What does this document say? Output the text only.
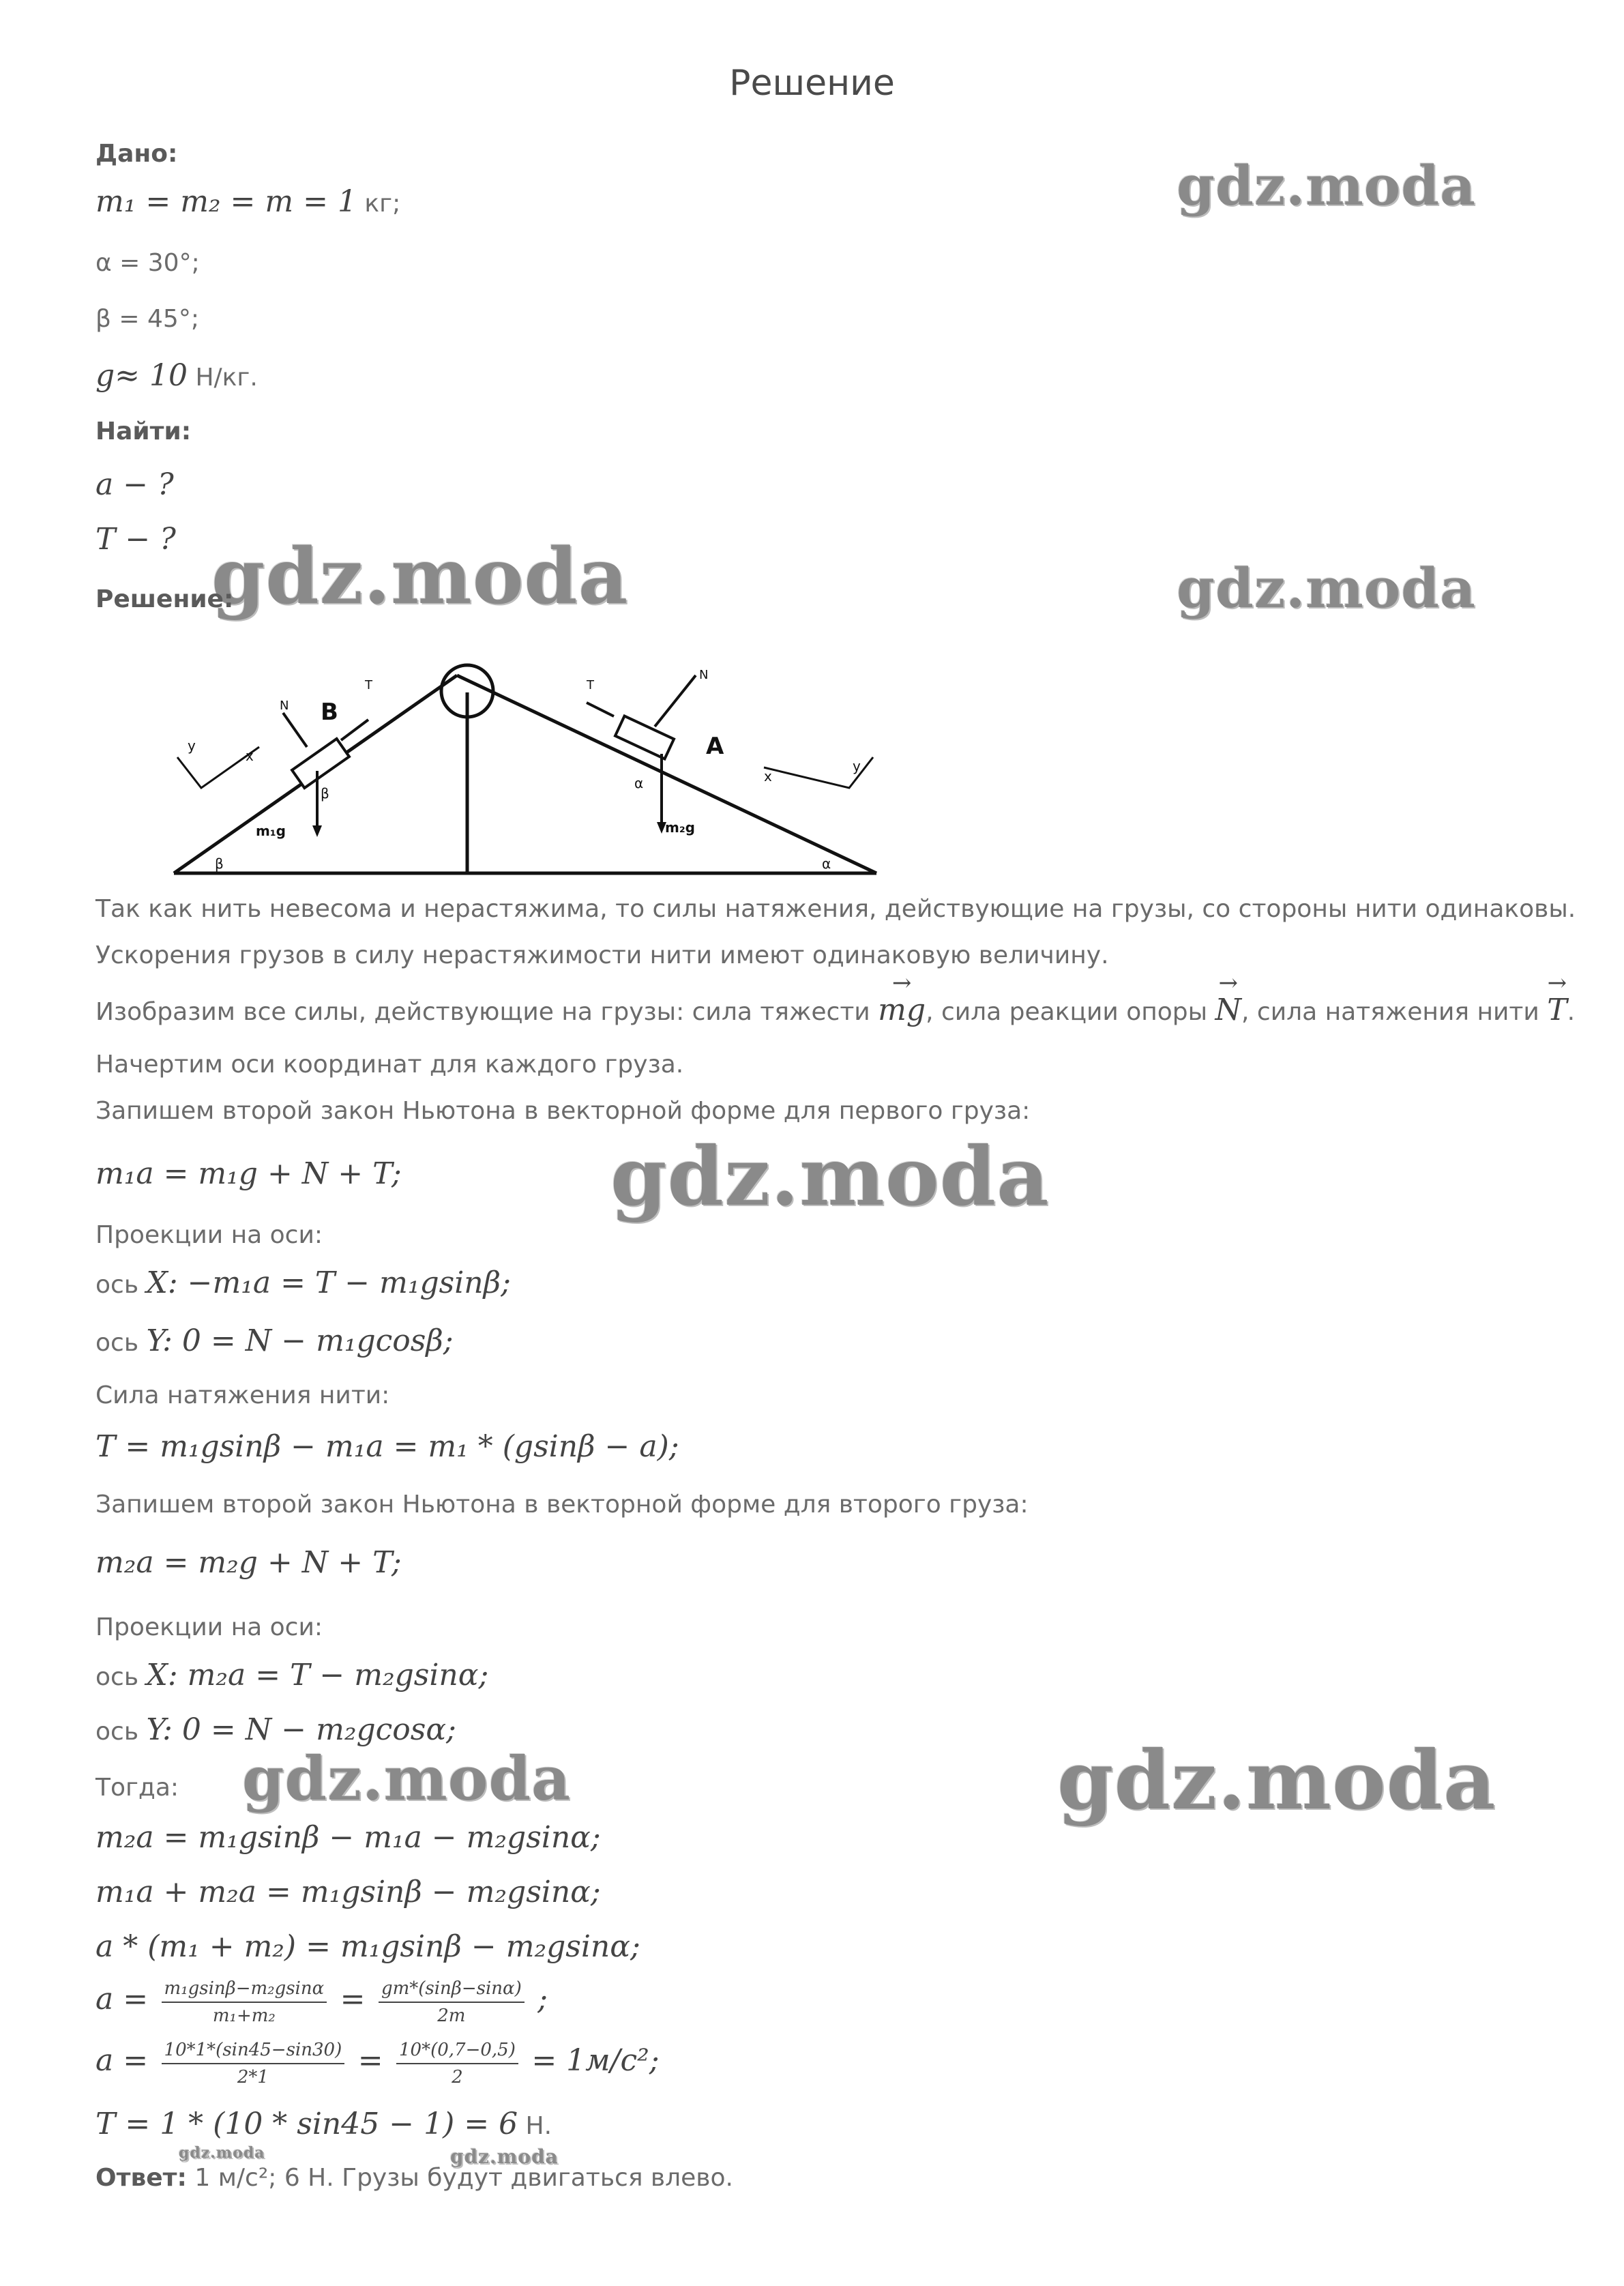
Решение
gdz.moda
gdz.moda	gdz.moda
gdz.moda
gdz.moda	gdz.moda
gdz.moda	gdz.moda
Дано:
m₁ = m₂ = m = 1 кг;
α = 30°;
β = 45°;
g≈ 10 Н/кг.
Найти:
a − ?
T − ?
Решение:
B
A
y
x
y
x
N
N
T	T
β
β
α
α
m₁g	m₂g
Так как нить невесома и нерастяжима, то силы натяжения, действующие на грузы, со стороны нити одинаковы.
Ускорения грузов в силу нерастяжимости нити имеют одинаковую величину.
Изобразим все силы, действующие на грузы: сила тяжести → mg, сила реакции опоры → N, сила натяжения нити → T.
Начертим оси координат для каждого груза.
Запишем второй закон Ньютона в векторной форме для первого груза:
m₁a = m₁g + N + T;
Проекции на оси:
ось X: −m₁a = T − m₁gsinβ;
ось Y: 0 = N − m₁gcosβ;
Сила натяжения нити:
T = m₁gsinβ − m₁a = m₁ * (gsinβ − a);
Запишем второй закон Ньютона в векторной форме для второго груза:
m₂a = m₂g + N + T;
Проекции на оси:
ось X: m₂a = T − m₂gsinα;
ось Y: 0 = N − m₂gcosα;
Тогда:
m₂a = m₁gsinβ − m₁a − m₂gsinα;
m₁a + m₂a = m₁gsinβ − m₂gsinα;
a * (m₁ + m₂) = m₁gsinβ − m₂gsinα;
$a = \frac{\text{m₁gsinβ−m₂gsinα}}{\text{m₁+m₂}} = \frac{gm*(\sin\beta-\sin\alpha)}{2m}$ ;
$a = \frac{10*1*(\sin 45-\sin 30)}{2*1} = \frac{10*(0,7-0,5)}{2} = 1м/с^2$;
T = 1 * (10 * sin45 − 1) = 6 Н.
Ответ: 1 м/с²; 6 Н. Грузы будут двигаться влево.
